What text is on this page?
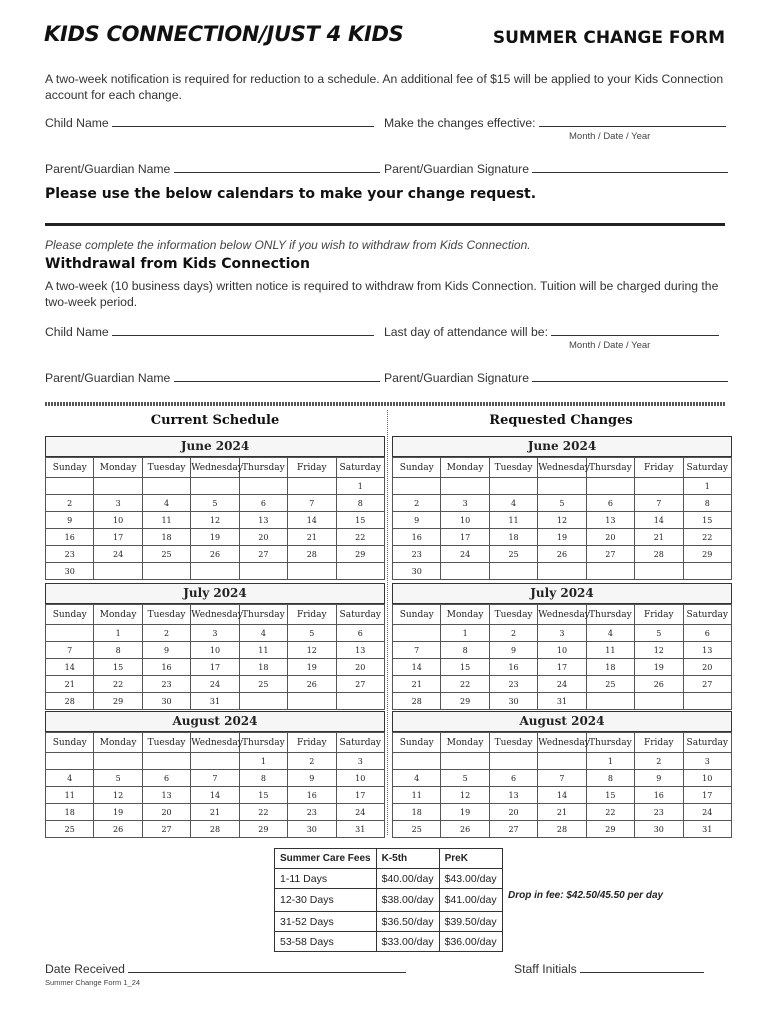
KIDS CONNECTION/JUST 4 KIDS	SUMMER CHANGE FORM
A two-week notification is required for reduction to a schedule. An additional fee of $15 will be applied to your Kids Connection account for each change.
Child Name	Make the changes effective:
Month / Date / Year
Parent/Guardian Name	Parent/Guardian Signature
Please use the below calendars to make your change request.
Please complete the information below ONLY if you wish to withdraw from Kids Connection.
Withdrawal from Kids Connection
A two-week (10 business days) written notice is required to withdraw from Kids Connection. Tuition will be charged during the two-week period.
Child Name	Last day of attendance will be:
Month / Date / Year
Parent/Guardian Name	Parent/Guardian Signature
Current Schedule	Requested Changes
June 2024
Sunday	Monday	Tuesday	Wednesday	Thursday	Friday	Saturday
						1
2	3	4	5	6	7	8
9	10	11	12	13	14	15
16	17	18	19	20	21	22
23	24	25	26	27	28	29
30						
July 2024
Sunday	Monday	Tuesday	Wednesday	Thursday	Friday	Saturday
	1	2	3	4	5	6
7	8	9	10	11	12	13
14	15	16	17	18	19	20
21	22	23	24	25	26	27
28	29	30	31			
August 2024
Sunday	Monday	Tuesday	Wednesday	Thursday	Friday	Saturday
				1	2	3
4	5	6	7	8	9	10
11	12	13	14	15	16	17
18	19	20	21	22	23	24
25	26	27	28	29	30	31
June 2024
Sunday	Monday	Tuesday	Wednesday	Thursday	Friday	Saturday
						1
2	3	4	5	6	7	8
9	10	11	12	13	14	15
16	17	18	19	20	21	22
23	24	25	26	27	28	29
30						
July 2024
Sunday	Monday	Tuesday	Wednesday	Thursday	Friday	Saturday
	1	2	3	4	5	6
7	8	9	10	11	12	13
14	15	16	17	18	19	20
21	22	23	24	25	26	27
28	29	30	31			
August 2024
Sunday	Monday	Tuesday	Wednesday	Thursday	Friday	Saturday
				1	2	3
4	5	6	7	8	9	10
11	12	13	14	15	16	17
18	19	20	21	22	23	24
25	26	27	28	29	30	31
Summer Care Fees	K-5th	PreK
1-11 Days	$40.00/day	$43.00/day
12-30 Days	$38.00/day	$41.00/day
31-52 Days	$36.50/day	$39.50/day
53-58 Days	$33.00/day	$36.00/day
Drop in fee: $42.50/45.50 per day
Date Received	Staff Initials
Summer Change Form 1_24
